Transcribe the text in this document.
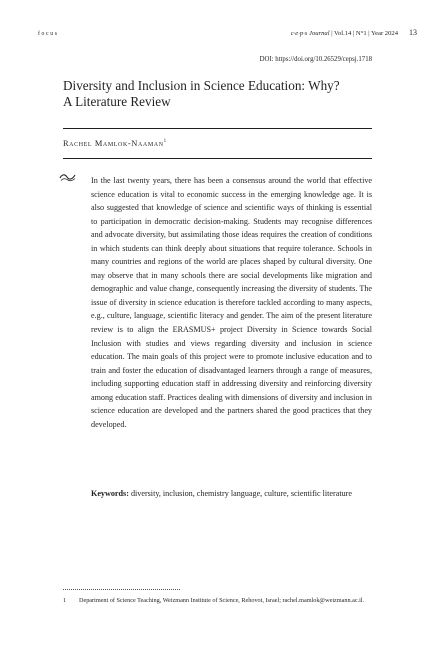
focus	c·e·p·s Journal | Vol.14 | N°1 | Year 2024 13
DOI: https://doi.org/10.26529/cepsj.1718
Diversity and Inclusion in Science Education: Why?
A Literature Review
Rachel Mamlok-Naaman$^1$

In the last twenty years, there has been a consensus around the world that effective science education is vital to economic success in the emerging knowledge age. It is also suggested that knowledge of science and scientific ways of thinking is essential to participation in democratic decision-making. Students may recognise differences and advocate diversity, but assimilating those ideas requires the creation of conditions in which students can think deeply about situations that require tolerance. Schools in many countries and regions of the world are places shaped by cultural diversity. One may observe that in many schools there are social developments like migration and demographic and value change, consequently increasing the diversity of students. The issue of diversity in science education is therefore tackled according to many aspects, e.g., culture, language, scientific literacy and gender. The aim of the present literature review is to align the ERASMUS+ project Diversity in Science towards Social Inclusion with studies and views regarding diversity and inclusion in science education. The main goals of this project were to promote inclusive education and to train and foster the education of disadvantaged learners through a range of measures, including supporting education staff in addressing diversity and reinforcing diversity among education staff. Practices dealing with dimensions of diversity and inclusion in science education are developed and the partners shared the good practices that they developed.

Keywords: diversity, inclusion, chemistry language, culture, scientific literature

1 Department of Science Teaching, Weizmann Institute of Science, Rehovot, Israel; rachel.mamlok@weizmann.ac.il.
